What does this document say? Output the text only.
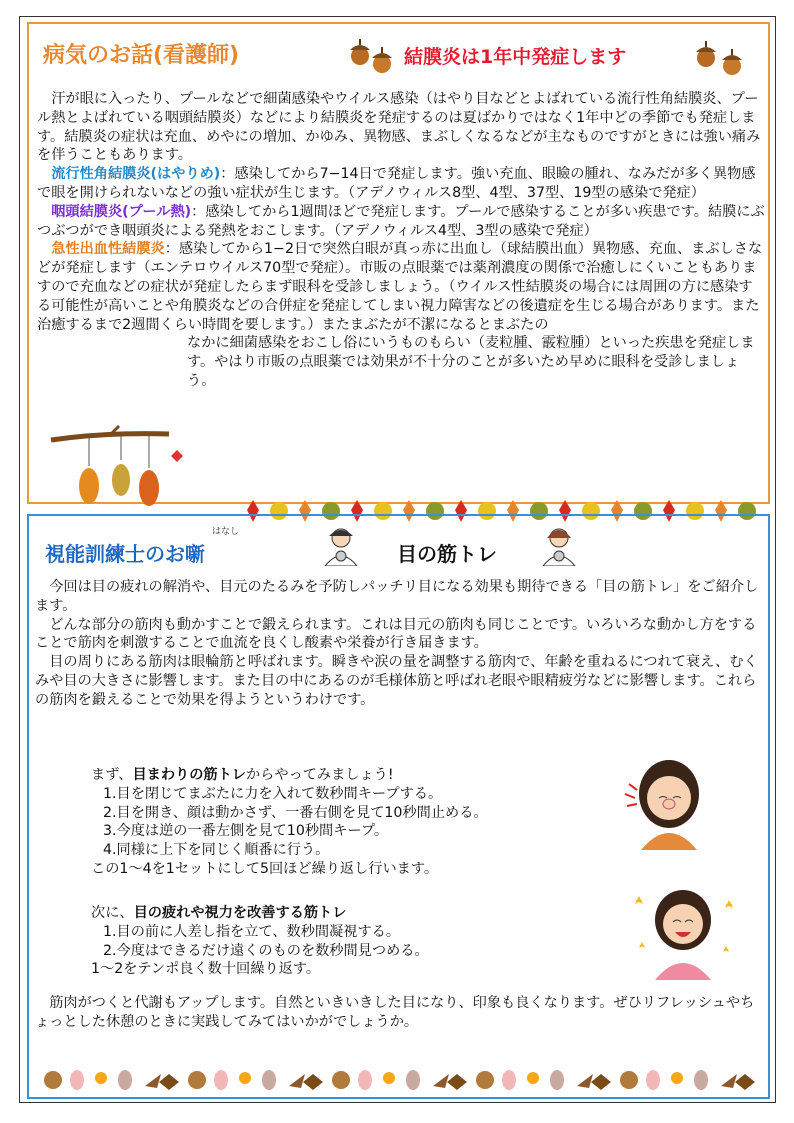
病気のお話(看護師)	結膜炎は1年中発症します

　汗が眼に入ったり、プールなどで細菌感染やウイルス感染（はやり目などとよばれている流行性角結膜炎、プール熱とよばれている咽頭結膜炎）などにより結膜炎を発症するのは夏ばかりではなく1年中どの季節でも発症します。結膜炎の症状は充血、めやにの増加、かゆみ、異物感、まぶしくなるなどが主なものですがときには強い痛みを伴うこともあります。

　流行性角結膜炎(はやりめ)：感染してから7−14日で発症します。強い充血、眼瞼の腫れ、なみだが多く異物感で眼を開けられないなどの強い症状が生じます。（アデノウィルス8型、4型、37型、19型の感染で発症）

　咽頭結膜炎(プール熱)：感染してから1週間ほどで発症します。プールで感染することが多い疾患です。結膜にぶつぶつができ咽頭炎による発熱をおこします。（アデノウィルス4型、3型の感染で発症）

　急性出血性結膜炎：感染してから1−2日で突然白眼が真っ赤に出血し（球結膜出血）異物感、充血、まぶしさなどが発症します（エンテロウイルス70型で発症）。市販の点眼薬では薬剤濃度の関係で治癒しにくいこともありますので充血などの症状が発症したらまず眼科を受診しましょう。（ウイルス性結膜炎の場合には周囲の方に感染する可能性が高いことや角膜炎などの合併症を発症してしまい視力障害などの後遺症を生じる場合があります。また治癒するまで2週間くらい時間を要します。）またまぶたが不潔になるとまぶたの

なかに細菌感染をおこし俗にいうものもらい（麦粒腫、霰粒腫）といった疾患を発症します。やはり市販の点眼薬では効果が不十分のことが多いため早めに眼科を受診しましょう。

はなし
視能訓練士のお噺	目の筋トレ

　今回は目の疲れの解消や、目元のたるみを予防しパッチリ目になる効果も期待できる「目の筋トレ」をご紹介します。

　どんな部分の筋肉も動かすことで鍛えられます。これは目元の筋肉も同じことです。いろいろな動かし方をすることで筋肉を刺激することで血流を良くし酸素や栄養が行き届きます。

　目の周りにある筋肉は眼輪筋と呼ばれます。瞬きや涙の量を調整する筋肉で、年齢を重ねるにつれて衰え、むくみや目の大きさに影響します。また目の中にあるのが毛様体筋と呼ばれ老眼や眼精疲労などに影響します。これらの筋肉を鍛えることで効果を得ようというわけです。

まず、目まわりの筋トレからやってみましょう!
1.目を閉じてまぶたに力を入れて数秒間キープする。
2.目を開き、顔は動かさず、一番右側を見て10秒間止める。
3.今度は逆の一番左側を見て10秒間キープ。
4.同様に上下を同じく順番に行う。
この1〜4を1セットにして5回ほど繰り返し行います。
次に、目の疲れや視力を改善する筋トレ
1.目の前に人差し指を立て、数秒間凝視する。
2.今度はできるだけ遠くのものを数秒間見つめる。
1〜2をテンポ良く数十回繰り返す。

　筋肉がつくと代謝もアップします。自然といきいきした目になり、印象も良くなります。ぜひリフレッシュやちょっとした休憩のときに実践してみてはいかがでしょうか。
